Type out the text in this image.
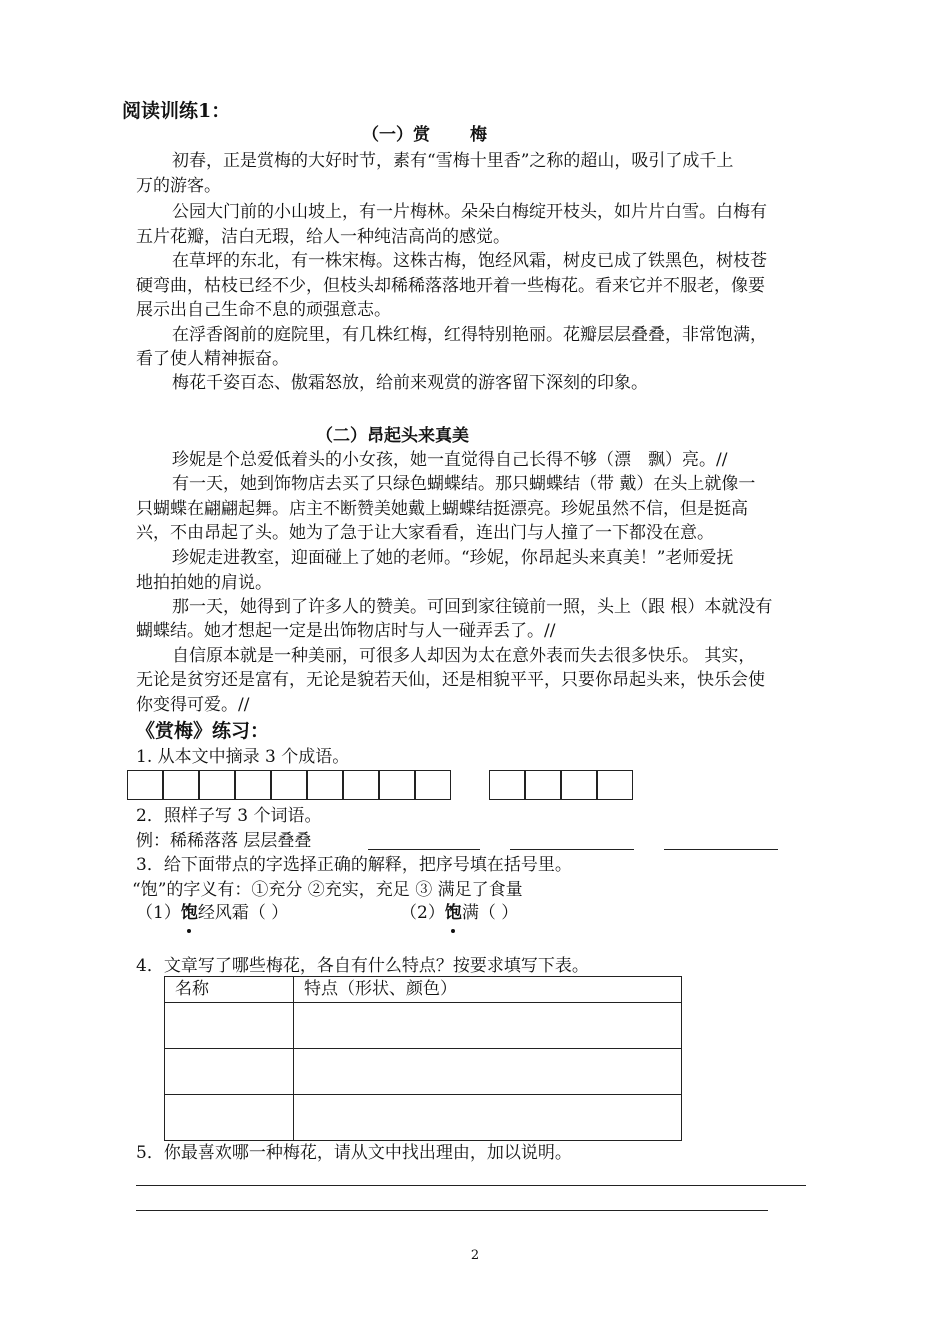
阅读训练1：
（一）赏 梅
初春，正是赏梅的大好时节，素有“雪梅十里香”之称的超山，吸引了成千上
万的游客。
公园大门前的小山坡上，有一片梅林。朵朵白梅绽开枝头，如片片白雪。白梅有
五片花瓣，洁白无瑕，给人一种纯洁高尚的感觉。
在草坪的东北，有一株宋梅。这株古梅，饱经风霜，树皮已成了铁黑色，树枝苍
硬弯曲，枯枝已经不少，但枝头却稀稀落落地开着一些梅花。看来它并不服老，像要
展示出自己生命不息的顽强意志。
在浮香阁前的庭院里，有几株红梅，红得特别艳丽。花瓣层层叠叠，非常饱满，
看了使人精神振奋。
梅花千姿百态、傲霜怒放，给前来观赏的游客留下深刻的印象。
（二）昂起头来真美
珍妮是个总爱低着头的小女孩，她一直觉得自己长得不够（漂　飘）亮。//
有一天，她到饰物店去买了只绿色蝴蝶结。那只蝴蝶结（带 戴）在头上就像一
只蝴蝶在翩翩起舞。店主不断赞美她戴上蝴蝶结挺漂亮。珍妮虽然不信，但是挺高
兴，不由昂起了头。她为了急于让大家看看，连出门与人撞了一下都没在意。
珍妮走进教室，迎面碰上了她的老师。“珍妮，你昂起头来真美！”老师爱抚
地拍拍她的肩说。
那一天，她得到了许多人的赞美。可回到家往镜前一照，头上（跟 根）本就没有
蝴蝶结。她才想起一定是出饰物店时与人一碰弄丢了。//
自信原本就是一种美丽，可很多人却因为太在意外表而失去很多快乐。 其实，
无论是贫穷还是富有，无论是貌若天仙，还是相貌平平，只要你昂起头来，快乐会使
你变得可爱。//
《赏梅》练习：
1. 从本文中摘录 3 个成语。
2．照样子写 3 个词语。
例：稀稀落落 层层叠叠
3．给下面带点的字选择正确的解释，把序号填在括号里。
“饱”的字义有：①充分 ②充实，充足 ③ 满足了食量
（1）饱经风霜（ ）	（2）饱满（ ）
4．文章写了哪些梅花，各自有什么特点？按要求填写下表。
名称	特点（形状、颜色）

5．你最喜欢哪一种梅花，请从文中找出理由，加以说明。
2
